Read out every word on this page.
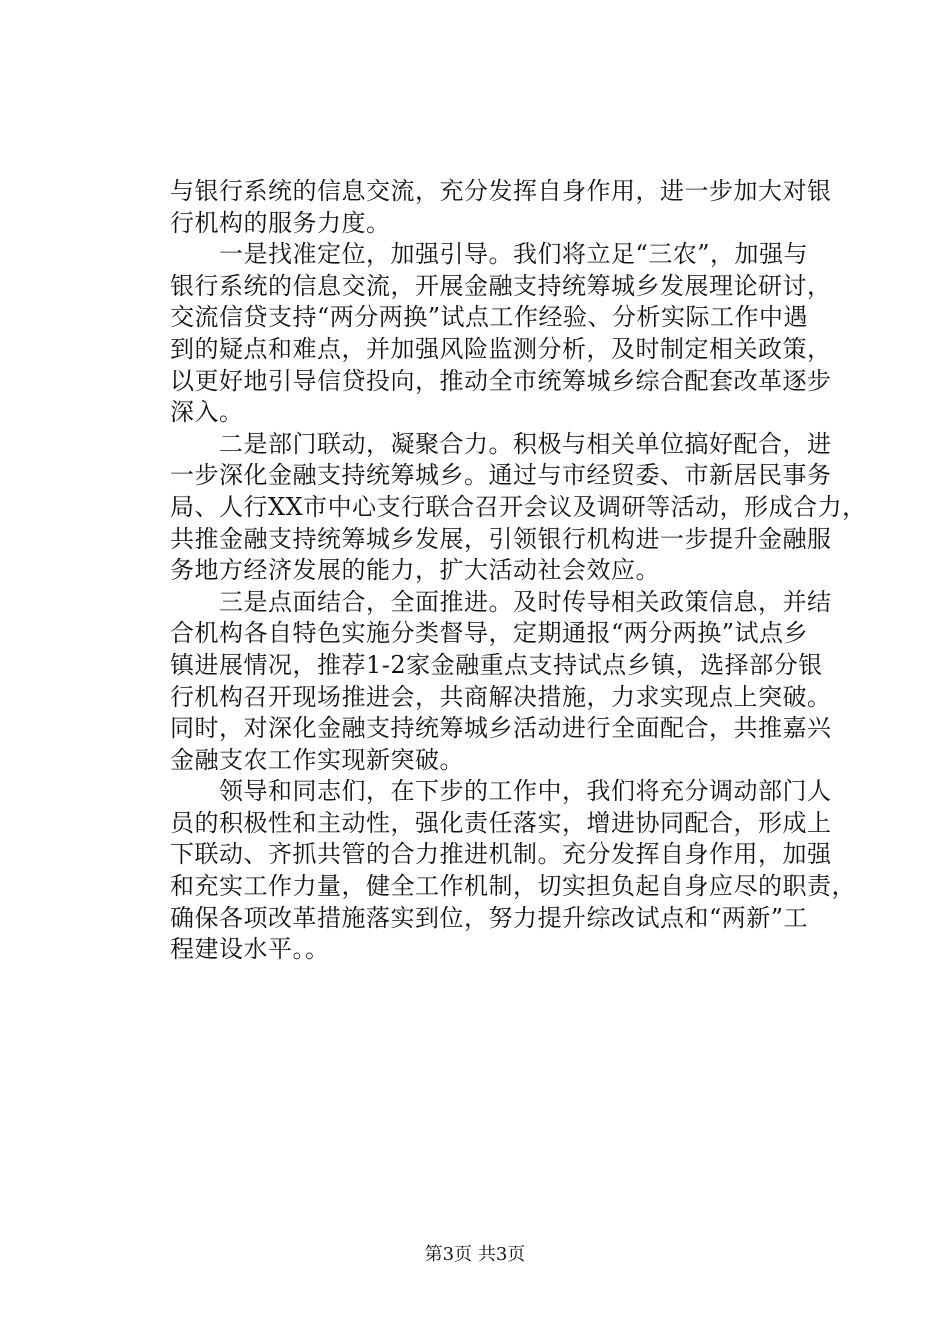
与银行系统的信息交流，充分发挥自身作用，进一步加大对银
行机构的服务力度。
　　一是找准定位，加强引导。我们将立足“三农”，加强与
银行系统的信息交流，开展金融支持统筹城乡发展理论研讨，
交流信贷支持“两分两换”试点工作经验、分析实际工作中遇
到的疑点和难点，并加强风险监测分析，及时制定相关政策，
以更好地引导信贷投向，推动全市统筹城乡综合配套改革逐步
深入。
　　二是部门联动，凝聚合力。积极与相关单位搞好配合，进
一步深化金融支持统筹城乡。通过与市经贸委、市新居民事务
局、人行XX市中心支行联合召开会议及调研等活动，形成合力，
共推金融支持统筹城乡发展，引领银行机构进一步提升金融服
务地方经济发展的能力，扩大活动社会效应。
　　三是点面结合，全面推进。及时传导相关政策信息，并结
合机构各自特色实施分类督导，定期通报“两分两换”试点乡
镇进展情况，推荐1-2家金融重点支持试点乡镇，选择部分银
行机构召开现场推进会，共商解决措施，力求实现点上突破。
同时，对深化金融支持统筹城乡活动进行全面配合，共推嘉兴
金融支农工作实现新突破。
　　领导和同志们，在下步的工作中，我们将充分调动部门人
员的积极性和主动性，强化责任落实，增进协同配合，形成上
下联动、齐抓共管的合力推进机制。充分发挥自身作用，加强
和充实工作力量，健全工作机制，切实担负起自身应尽的职责，
确保各项改革措施落实到位，努力提升综改试点和“两新”工
程建设水平。。
第3页 共3页
